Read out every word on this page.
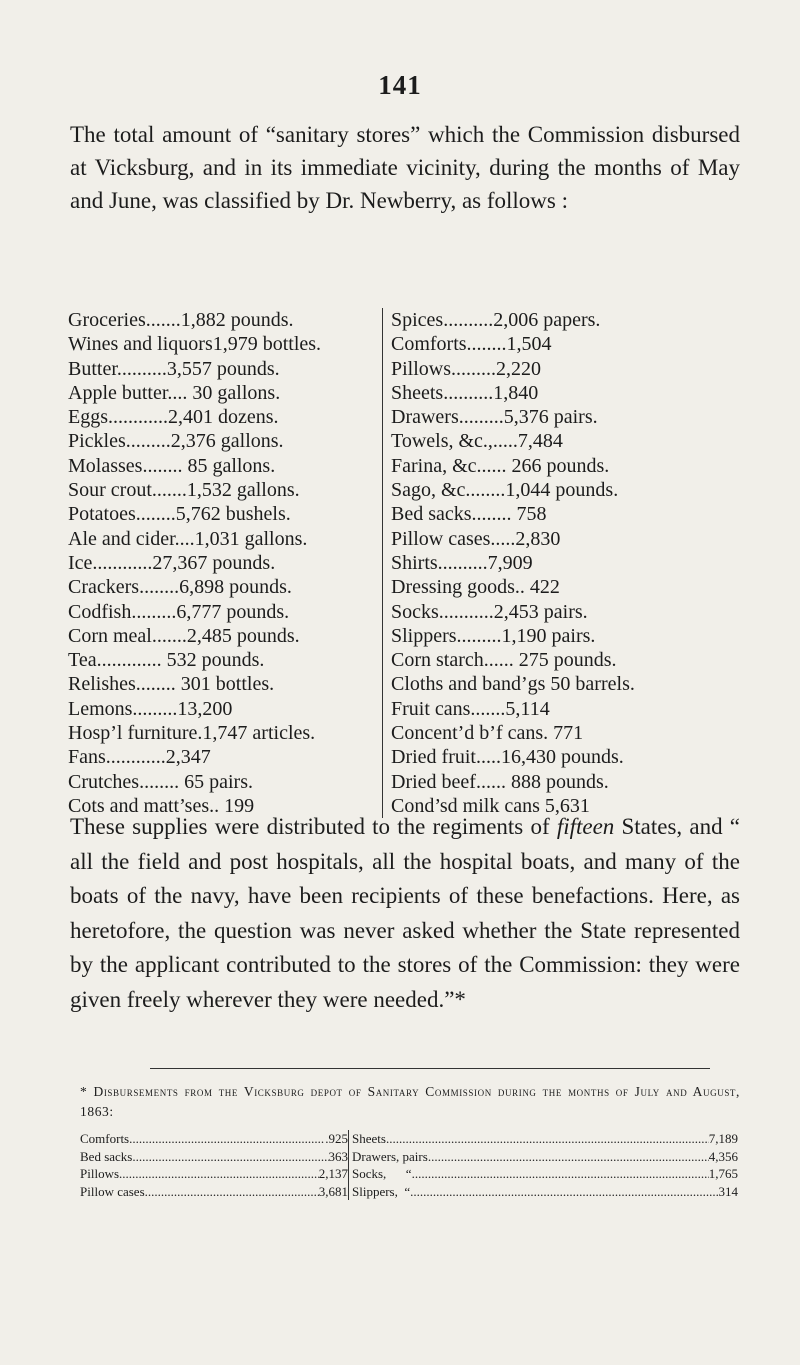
141

The total amount of “sanitary stores” which the Commission disbursed at Vicksburg, and in its immediate vicinity, during the months of May and June, was classified by Dr. Newberry, as follows :

Groceries.......1,882 pounds.
Wines and liquors1,979 bottles.
Butter..........3,557 pounds.
Apple butter.... 30 gallons.
Eggs............2,401 dozens.
Pickles.........2,376 gallons.
Molasses........ 85 gallons.
Sour crout.......1,532 gallons.
Potatoes........5,762 bushels.
Ale and cider....1,031 gallons.
Ice............27,367 pounds.
Crackers........6,898 pounds.
Codfish.........6,777 pounds.
Corn meal.......2,485 pounds.
Tea............. 532 pounds.
Relishes........ 301 bottles.
Lemons.........13,200
Hosp’l furniture.1,747 articles.
Fans............2,347
Crutches........ 65 pairs.
Cots and matt’ses.. 199
Spices..........2,006 papers.
Comforts........1,504
Pillows.........2,220
Sheets..........1,840
Drawers.........5,376 pairs.
Towels, &c.,.....7,484
Farina, &c...... 266 pounds.
Sago, &c........1,044 pounds.
Bed sacks........ 758
Pillow cases.....2,830
Shirts..........7,909
Dressing goods.. 422
Socks...........2,453 pairs.
Slippers.........1,190 pairs.
Corn starch...... 275 pounds.
Cloths and band’gs 50 barrels.
Fruit cans.......5,114
Concent’d b’f cans. 771
Dried fruit.....16,430 pounds.
Dried beef...... 888 pounds.
Cond’sd milk cans 5,631

These supplies were distributed to the regiments of fifteen States, and “ all the field and post hospitals, all the hospital boats, and many of the boats of the navy, have been recipients of these benefactions. Here, as heretofore, the question was never asked whether the State represented by the applicant contributed to the stores of the Commission: they were given freely wherever they were needed.”*

* Disbursements from the Vicksburg depot of Sanitary Commission during the months of July and August, 1863:
Comforts .....	.925
Bed sacks .....	363
Pillows .....	2,137
Pillow cases .....	3,681
Sheets .....	7,189
Drawers, pairs .....	4,356
Socks,      “ .....	1,765
Slippers,  “ .....	314
